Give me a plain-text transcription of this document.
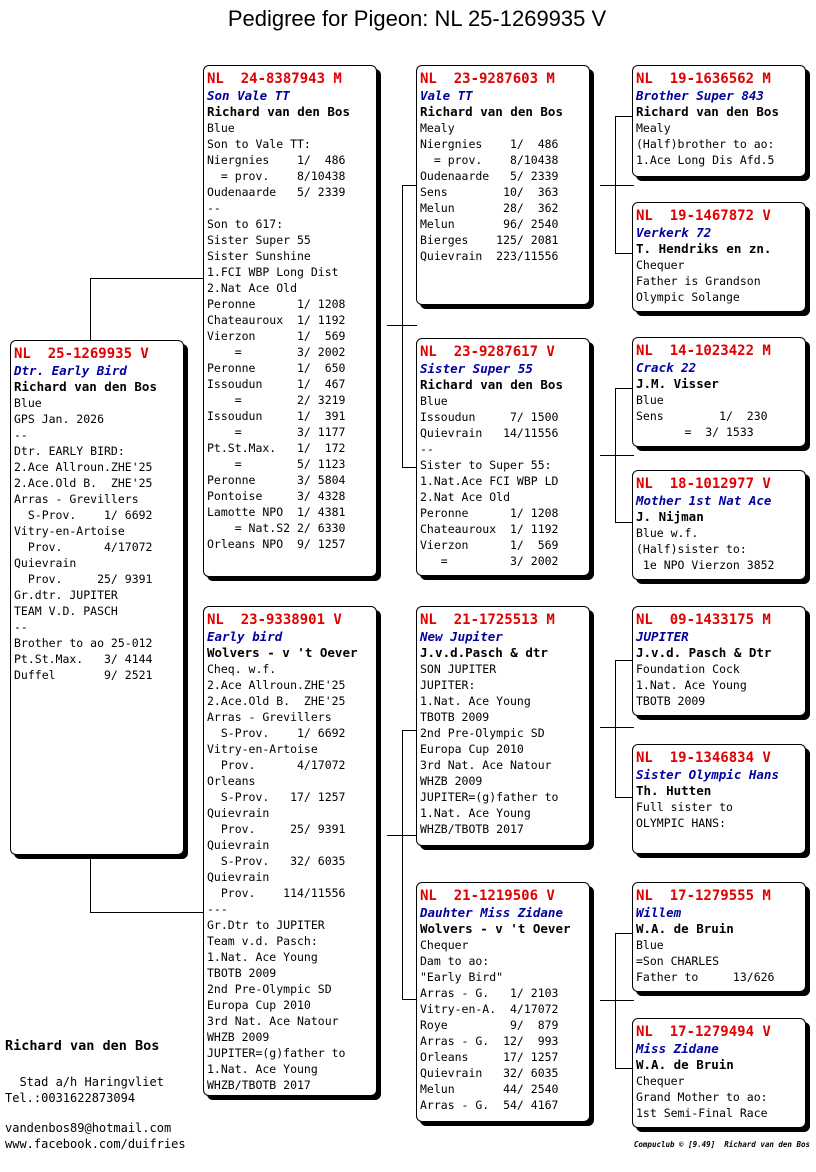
Pedigree for Pigeon: NL 25-1269935 V
NL  25-1269935 V
Dtr. Early Bird
Richard van den Bos
Blue
GPS Jan. 2026
--
Dtr. EARLY BIRD:
2.Ace Allroun.ZHE'25
2.Ace.Old B.  ZHE'25
Arras - Grevillers
S-Prov.    1/ 6692
Vitry-en-Artoise
Prov.      4/17072
Quievrain
Prov.     25/ 9391
Gr.dtr. JUPITER
TEAM V.D. PASCH
--
Brother to ao 25-012
Pt.St.Max.   3/ 4144
Duffel       9/ 2521
NL  24-8387943 M
Son Vale TT
Richard van den Bos
Blue
Son to Vale TT:
Niergnies    1/  486
= prov.    8/10438
Oudenaarde   5/ 2339
--
Son to 617:
Sister Super 55
Sister Sunshine
1.FCI WBP Long Dist
2.Nat Ace Old
Peronne      1/ 1208
Chateauroux  1/ 1192
Vierzon      1/  569
=        3/ 2002
Peronne      1/  650
Issoudun     1/  467
=        2/ 3219
Issoudun     1/  391
=        3/ 1177
Pt.St.Max.   1/  172
=        5/ 1123
Peronne      3/ 5804
Pontoise     3/ 4328
Lamotte NPO  1/ 4381
= Nat.S2 2/ 6330
Orleans NPO  9/ 1257
NL  23-9338901 V
Early bird
Wolvers - v 't Oever
Cheq. w.f.
2.Ace Allroun.ZHE'25
2.Ace.Old B.  ZHE'25
Arras - Grevillers
S-Prov.    1/ 6692
Vitry-en-Artoise
Prov.      4/17072
Orleans
S-Prov.   17/ 1257
Quievrain
Prov.     25/ 9391
Quievrain
S-Prov.   32/ 6035
Quievrain
Prov.    114/11556
---
Gr.Dtr to JUPITER
Team v.d. Pasch:
1.Nat. Ace Young
TBOTB 2009
2nd Pre-Olympic SD
Europa Cup 2010
3rd Nat. Ace Natour
WHZB 2009
JUPITER=(g)father to
1.Nat. Ace Young
WHZB/TBOTB 2017
NL  23-9287603 M
Vale TT
Richard van den Bos
Mealy
Niergnies    1/  486
= prov.    8/10438
Oudenaarde   5/ 2339
Sens        10/  363
Melun       28/  362
Melun       96/ 2540
Bierges    125/ 2081
Quievrain  223/11556
NL  23-9287617 V
Sister Super 55
Richard van den Bos
Blue
Issoudun     7/ 1500
Quievrain   14/11556
--
Sister to Super 55:
1.Nat.Ace FCI WBP LD
2.Nat Ace Old
Peronne      1/ 1208
Chateauroux  1/ 1192
Vierzon      1/  569
=         3/ 2002
NL  21-1725513 M
New Jupiter
J.v.d.Pasch & dtr
SON JUPITER
JUPITER:
1.Nat. Ace Young
TBOTB 2009
2nd Pre-Olympic SD
Europa Cup 2010
3rd Nat. Ace Natour
WHZB 2009
JUPITER=(g)father to
1.Nat. Ace Young
WHZB/TBOTB 2017
NL  21-1219506 V
Dauhter Miss Zidane
Wolvers - v 't Oever
Chequer
Dam to ao:
"Early Bird"
Arras - G.   1/ 2103
Vitry-en-A.  4/17072
Roye         9/  879
Arras - G.  12/  993
Orleans     17/ 1257
Quievrain   32/ 6035
Melun       44/ 2540
Arras - G.  54/ 4167
NL  19-1636562 M
Brother Super 843
Richard van den Bos
Mealy
(Half)brother to ao:
1.Ace Long Dis Afd.5
NL  19-1467872 V
Verkerk 72
T. Hendriks en zn.
Chequer
Father is Grandson
Olympic Solange
NL  14-1023422 M
Crack 22
J.M. Visser
Blue
Sens        1/  230
=  3/ 1533
NL  18-1012977 V
Mother 1st Nat Ace
J. Nijman
Blue w.f.
(Half)sister to:
1e NPO Vierzon 3852
NL  09-1433175 M
JUPITER
J.v.d. Pasch & Dtr
Foundation Cock
1.Nat. Ace Young
TBOTB 2009
NL  19-1346834 V
Sister Olympic Hans
Th. Hutten
Full sister to
OLYMPIC HANS:
NL  17-1279555 M
Willem
W.A. de Bruin
Blue
=Son CHARLES
Father to     13/626
NL  17-1279494 V
Miss Zidane
W.A. de Bruin
Chequer
Grand Mother to ao:
1st Semi-Final Race
Richard van den Bos
Stad a/h Haringvliet
Tel.:0031622873094
vandenbos89@hotmail.com
www.facebook.com/duifries	Compuclub © [9.49]  Richard van den Bos
